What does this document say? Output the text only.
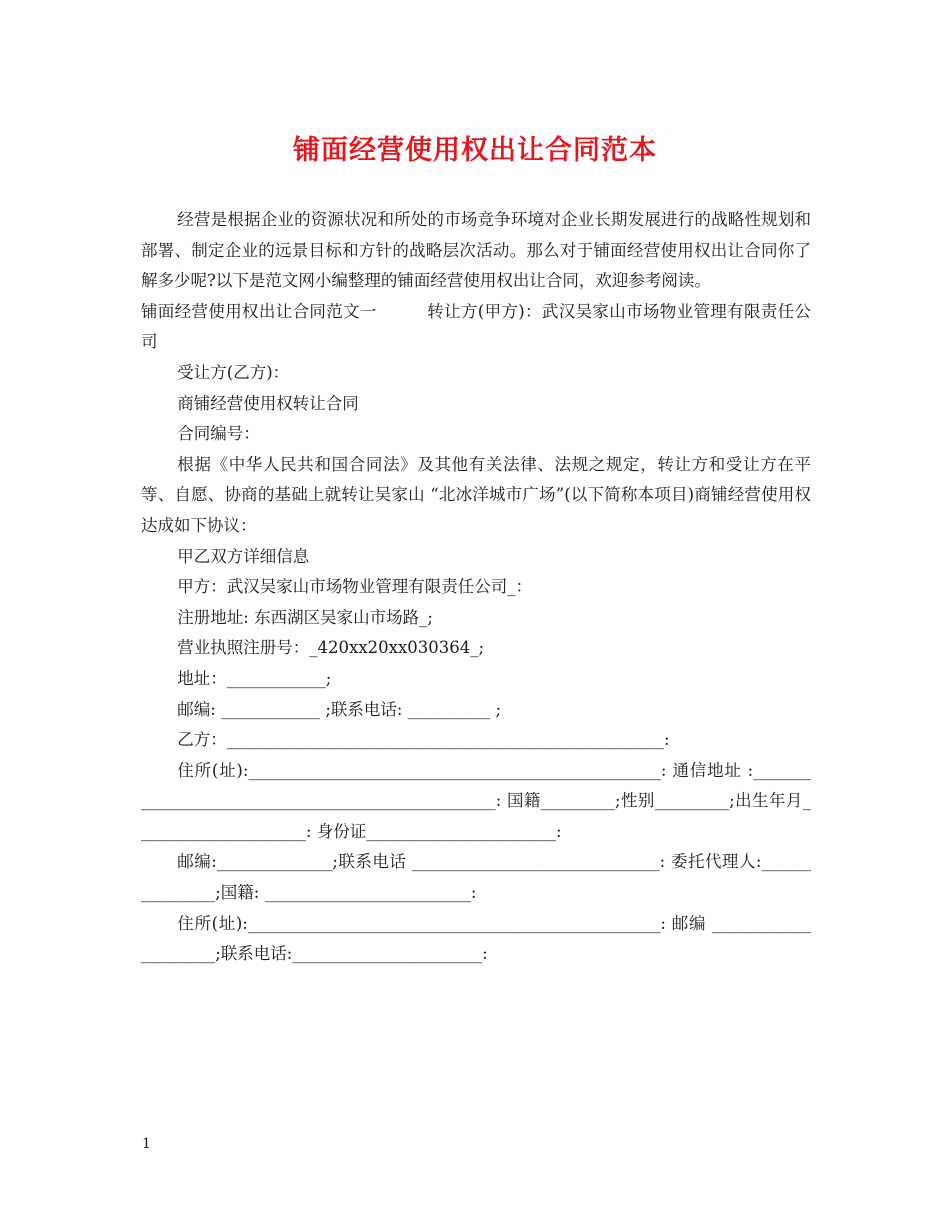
铺面经营使用权出让合同范本

经营是根据企业的资源状况和所处的市场竞争环境对企业长期发展进行的战略性规划和部署、制定企业的远景目标和方针的战略层次活动。那么对于铺面经营使用权出让合同你了解多少呢?以下是范文网小编整理的铺面经营使用权出让合同，欢迎参考阅读。

铺面经营使用权出让合同范文一　　　转让方(甲方)：武汉吴家山市场物业管理有限责任公司

受让方(乙方)：

商铺经营使用权转让合同

合同编号：

根据《中华人民共和国合同法》及其他有关法律、法规之规定，转让方和受让方在平等、自愿、协商的基础上就转让吴家山 “北冰洋城市广场”(以下简称本项目)商铺经营使用权达成如下协议：

甲乙双方详细信息

甲方：武汉吴家山市场物业管理有限责任公司_：

注册地址: 东西湖区吴家山市场路_;

营业执照注册号：_420xx20xx030364_;

地址：____________;

邮编: ____________ ;联系电话: __________ ;

乙方：_____________________________________________________:

住所(址):__________________________________________________: 通信地址 :__________________________________________________: 国籍_________;性别_________;出生年月_____________________: 身份证_______________________:

邮编:______________;联系电话 ______________________________: 委托代理人:_______________;国籍: _________________________:

住所(址):__________________________________________________: 邮编 _____________________;联系电话:_______________________:

1
